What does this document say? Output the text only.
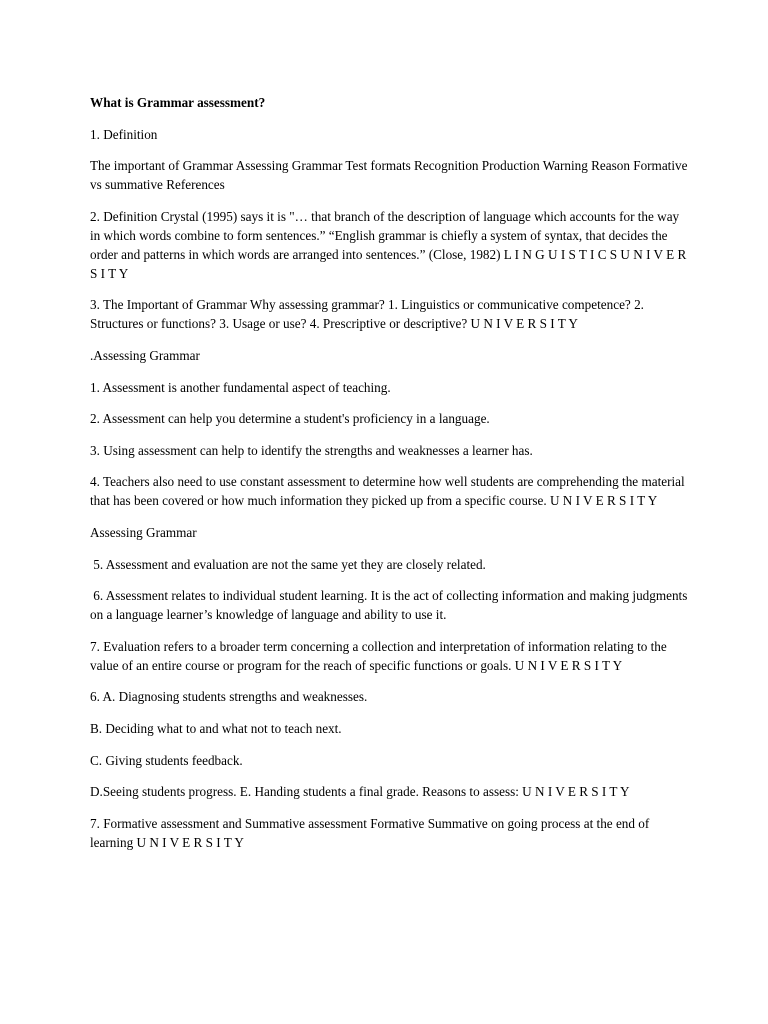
What is Grammar assessment?

1. Definition

The important of Grammar Assessing Grammar Test formats Recognition Production Warning Reason Formative vs summative References

2. Definition Crystal (1995) says it is "… that branch of the description of language which accounts for the way in which words combine to form sentences.” “English grammar is chiefly a system of syntax, that decides the order and patterns in which words are arranged into sentences.” (Close, 1982) L I N G U I S T I C S U N I V E R S I T Y

3. The Important of Grammar Why assessing grammar? 1. Linguistics or communicative competence? 2. Structures or functions? 3. Usage or use? 4. Prescriptive or descriptive? U N I V E R S I T Y

.Assessing Grammar

1. Assessment is another fundamental aspect of teaching.

2. Assessment can help you determine a student's proficiency in a language.

3. Using assessment can help to identify the strengths and weaknesses a learner has.

4. Teachers also need to use constant assessment to determine how well students are comprehending the material that has been covered or how much information they picked up from a specific course. U N I V E R S I T Y

Assessing Grammar

5. Assessment and evaluation are not the same yet they are closely related.

6. Assessment relates to individual student learning. It is the act of collecting information and making judgments on a language learner’s knowledge of language and ability to use it.

7. Evaluation refers to a broader term concerning a collection and interpretation of information relating to the value of an entire course or program for the reach of specific functions or goals. U N I V E R S I T Y

6. A. Diagnosing students strengths and weaknesses.

B. Deciding what to and what not to teach next.

C. Giving students feedback.

D.Seeing students progress. E. Handing students a final grade. Reasons to assess: U N I V E R S I T Y

7. Formative assessment and Summative assessment Formative Summative on going process at the end of learning U N I V E R S I T Y
